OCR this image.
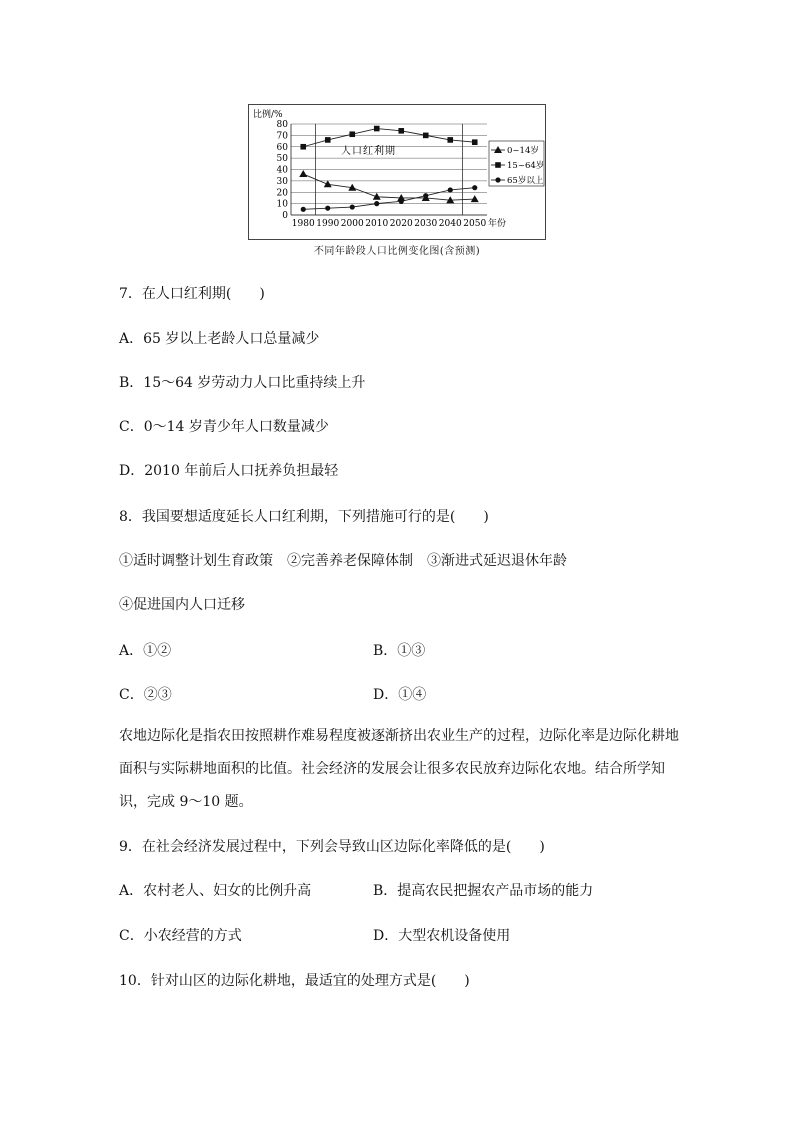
0
10
20
30
40
50
60
70
80
1980 1990 2000 2010 2020 2030 2040 2050 年份
0~14岁
15~64岁
65岁以上
比例/%
人口红利期
不同年龄段人口比例变化图(含预测)
7．在人口红利期(　　)
A．65 岁以上老龄人口总量减少
B．15～64 岁劳动力人口比重持续上升
C．0～14 岁青少年人口数量减少
D．2010 年前后人口抚养负担最轻
8．我国要想适度延长人口红利期，下列措施可行的是(　　)
①适时调整计划生育政策　②完善养老保障体制　③渐进式延迟退休年龄
④促进国内人口迁移
A．①②	B．①③
C．②③	D．①④
农地边际化是指农田按照耕作难易程度被逐渐挤出农业生产的过程，边际化率是边际化耕地面积与实际耕地面积的比值。社会经济的发展会让很多农民放弃边际化农地。结合所学知识，完成 9～10 题。
9．在社会经济发展过程中，下列会导致山区边际化率降低的是(　　)
A．农村老人、妇女的比例升高	B．提高农民把握农产品市场的能力
C．小农经营的方式	D．大型农机设备使用
10．针对山区的边际化耕地，最适宜的处理方式是(　　)
